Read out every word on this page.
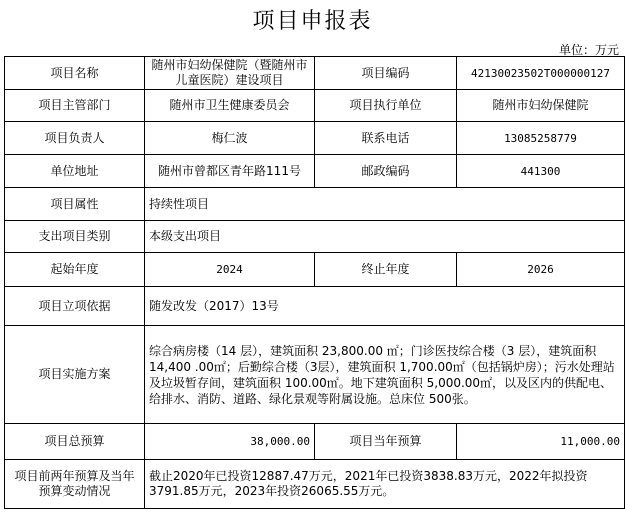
项目申报表
单位：万元
项目名称	随州市妇幼保健院（暨随州市儿童医院）建设项目	项目编码	42130023502T000000127
项目主管部门	随州市卫生健康委员会	项目执行单位	随州市妇幼保健院
项目负责人	梅仁波	联系电话	13085258779
单位地址	随州市曾都区青年路111号	邮政编码	441300
项目属性	持续性项目		
支出项目类别	本级支出项目		
起始年度	2024	终止年度	2026
项目立项依据	随发改发（2017）13号		
项目实施方案	综合病房楼（14 层），建筑面积 23,800.00 ㎡；门诊医技综合楼（3 层），建筑面积 14,400 .00㎡；后勤综合楼（3层），建筑面积 1,700.00㎡（包括锅炉房）；污水处理站及垃圾暂存间，建筑面积 100.00㎡。地下建筑面积 5,000.00㎡，以及区内的供配电、给排水、消防、道路、绿化景观等附属设施。总床位 500张。		
项目总预算	38,000.00	项目当年预算	11,000.00
项目前两年预算及当年预算变动情况	截止2020年已投资12887.47万元，2021年已投资3838.83万元，2022年拟投资3791.85万元，2023年投资26065.55万元。		
